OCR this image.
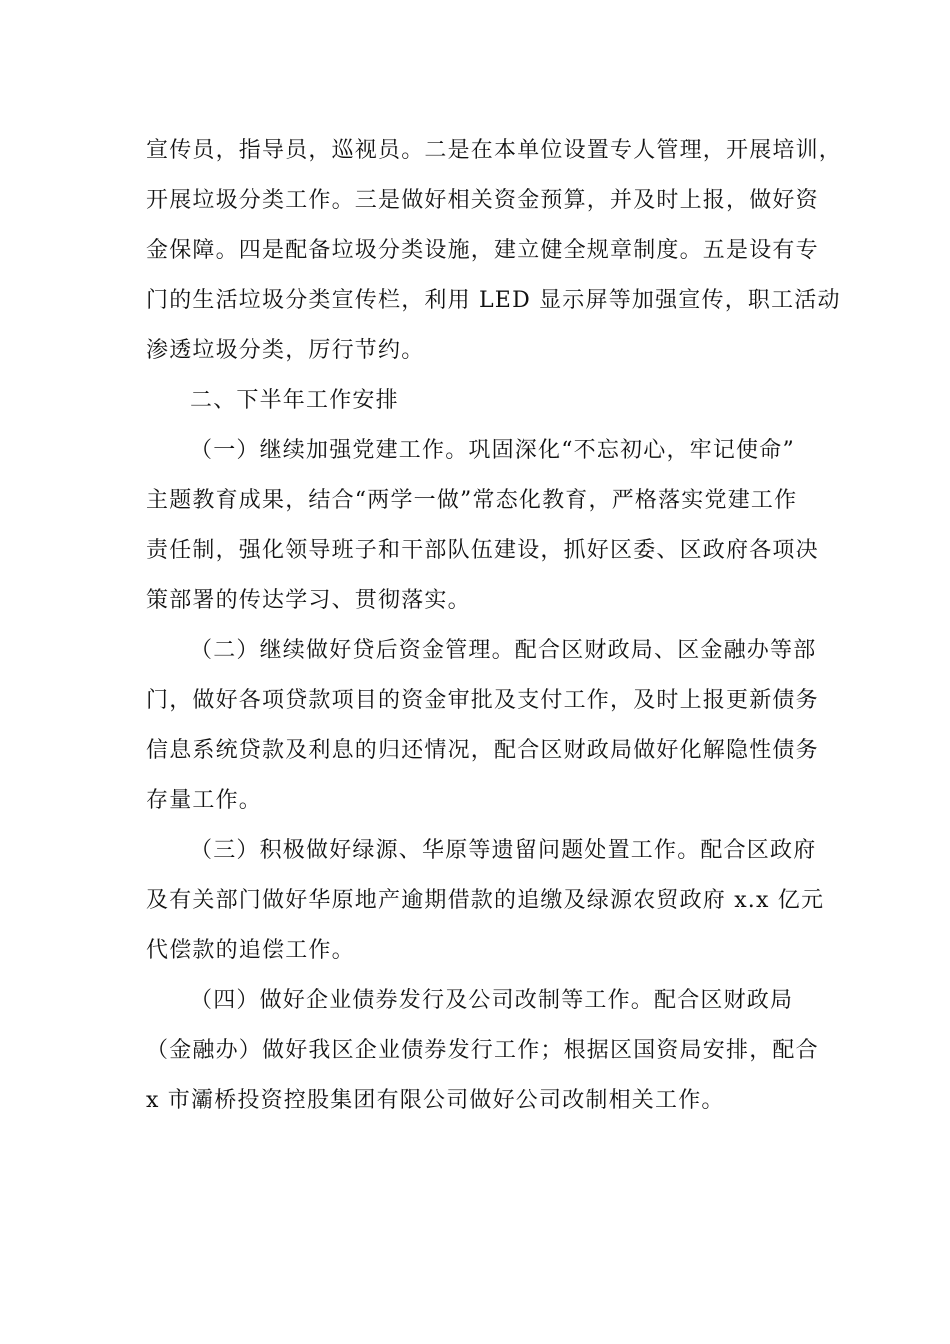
宣传员，指导员，巡视员。二是在本单位设置专人管理，开展培训，
开展垃圾分类工作。三是做好相关资金预算，并及时上报，做好资
金保障。四是配备垃圾分类设施，建立健全规章制度。五是设有专
门的生活垃圾分类宣传栏，利用 LED 显示屏等加强宣传，职工活动
渗透垃圾分类，厉行节约。
二、下半年工作安排
（一）继续加强党建工作。巩固深化“不忘初心，牢记使命”
主题教育成果，结合“两学一做”常态化教育，严格落实党建工作
责任制，强化领导班子和干部队伍建设，抓好区委、区政府各项决
策部署的传达学习、贯彻落实。
（二）继续做好贷后资金管理。配合区财政局、区金融办等部
门，做好各项贷款项目的资金审批及支付工作，及时上报更新债务
信息系统贷款及利息的归还情况，配合区财政局做好化解隐性债务
存量工作。
（三）积极做好绿源、华原等遗留问题处置工作。配合区政府
及有关部门做好华原地产逾期借款的追缴及绿源农贸政府 x.x 亿元
代偿款的追偿工作。
（四）做好企业债券发行及公司改制等工作。配合区财政局
（金融办）做好我区企业债券发行工作；根据区国资局安排，配合
x 市灞桥投资控股集团有限公司做好公司改制相关工作。
